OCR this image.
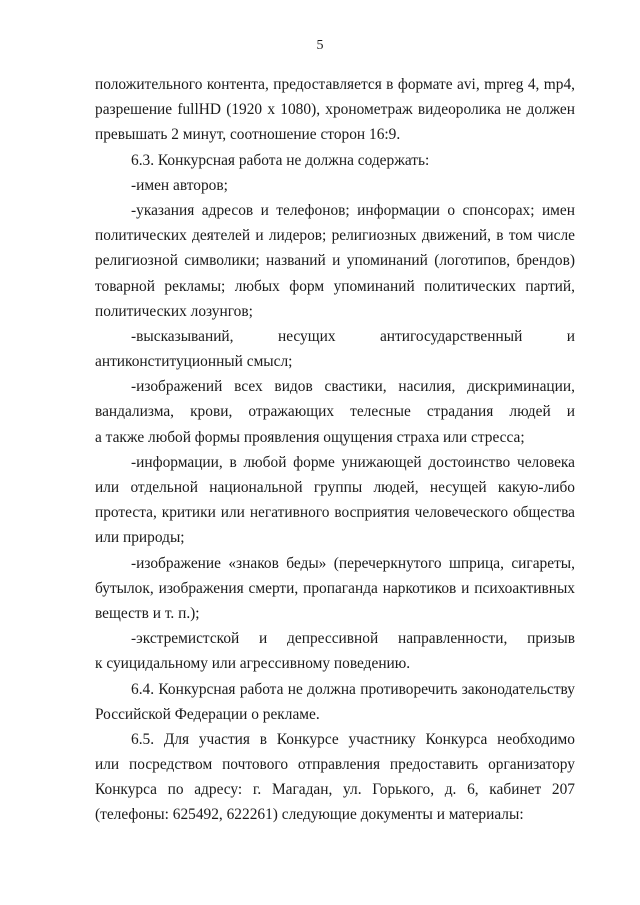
5
положительного контента, предоставляется в формате avi, mpreg 4, mp4,
разрешение fullHD (1920 x 1080), хронометраж видеоролика не должен
превышать 2 минут, соотношение сторон 16:9.
6.3. Конкурсная работа не должна содержать:
-имен авторов;
-указания адресов и телефонов; информации о спонсорах; имен
политических деятелей и лидеров; религиозных движений, в том числе
религиозной символики; названий и упоминаний (логотипов, брендов)
товарной рекламы; любых форм упоминаний политических партий,
политических лозунгов;
-высказываний, несущих антигосударственный и
антиконституционный смысл;
-изображений всех видов свастики, насилия, дискриминации,
вандализма, крови, отражающих телесные страдания людей и
а также любой формы проявления ощущения страха или стресса;
-информации, в любой форме унижающей достоинство человека
или отдельной национальной группы людей, несущей какую-либо
протеста, критики или негативного восприятия человеческого общества
или природы;
-изображение «знаков беды» (перечеркнутого шприца, сигареты,
бутылок, изображения смерти, пропаганда наркотиков и психоактивных
веществ и т. п.);
-экстремистской и депрессивной направленности, призыв
к суицидальному или агрессивному поведению.
6.4. Конкурсная работа не должна противоречить законодательству
Российской Федерации о рекламе.
6.5. Для участия в Конкурсе участнику Конкурса необходимо
или посредством почтового отправления предоставить организатору
Конкурса по адресу: г. Магадан, ул. Горького, д. 6, кабинет 207
(телефоны: 625492, 622261) следующие документы и материалы:
